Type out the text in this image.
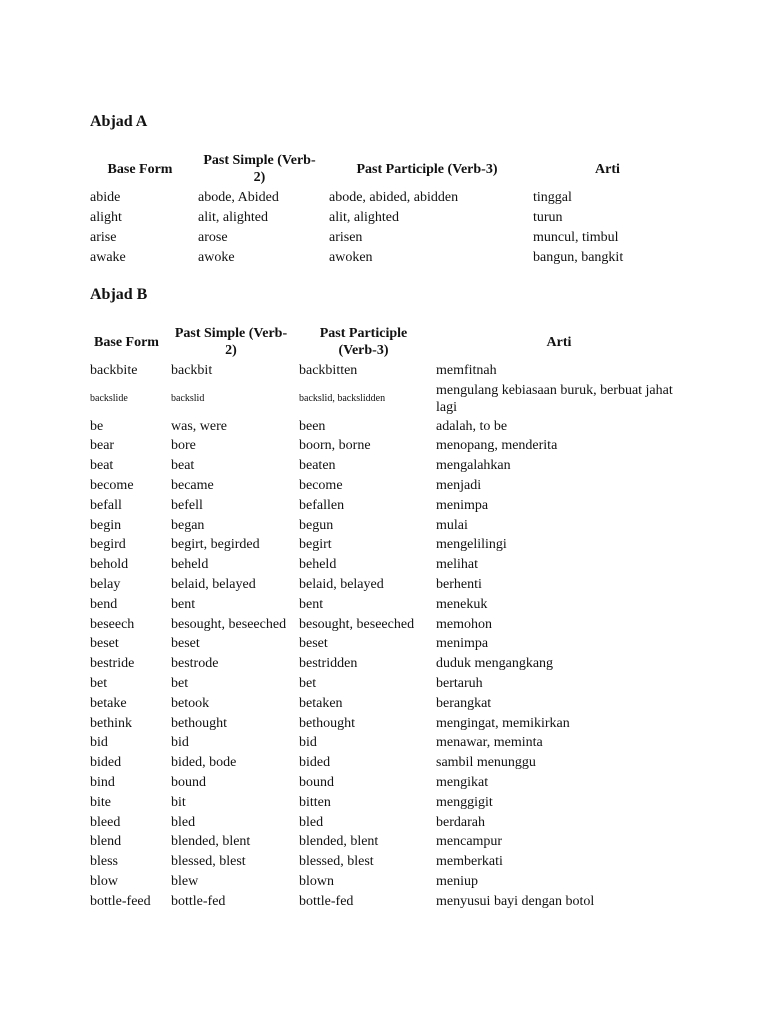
Abjad A
Base Form	Past Simple (Verb-2)	Past Participle (Verb-3)	Arti
abide	abode, Abided	abode, abided, abidden	tinggal
alight	alit, alighted	alit, alighted	turun
arise	arose	arisen	muncul, timbul
awake	awoke	awoken	bangun, bangkit
Abjad B
Base Form	Past Simple (Verb-2)	Past Participle (Verb-3)	Arti
backbite	backbit	backbitten	memfitnah
backslide	backslid	backslid, backslidden	mengulang kebiasaan buruk, berbuat jahat lagi
be	was, were	been	adalah, to be
bear	bore	boorn, borne	menopang, menderita
beat	beat	beaten	mengalahkan
become	became	become	menjadi
befall	befell	befallen	menimpa
begin	began	begun	mulai
begird	begirt, begirded	begirt	mengelilingi
behold	beheld	beheld	melihat
belay	belaid, belayed	belaid, belayed	berhenti
bend	bent	bent	menekuk
beseech	besought, beseeched	besought, beseeched	memohon
beset	beset	beset	menimpa
bestride	bestrode	bestridden	duduk mengangkang
bet	bet	bet	bertaruh
betake	betook	betaken	berangkat
bethink	bethought	bethought	mengingat, memikirkan
bid	bid	bid	menawar, meminta
bided	bided, bode	bided	sambil menunggu
bind	bound	bound	mengikat
bite	bit	bitten	menggigit
bleed	bled	bled	berdarah
blend	blended, blent	blended, blent	mencampur
bless	blessed, blest	blessed, blest	memberkati
blow	blew	blown	meniup
bottle-feed	bottle-fed	bottle-fed	menyusui bayi dengan botol
